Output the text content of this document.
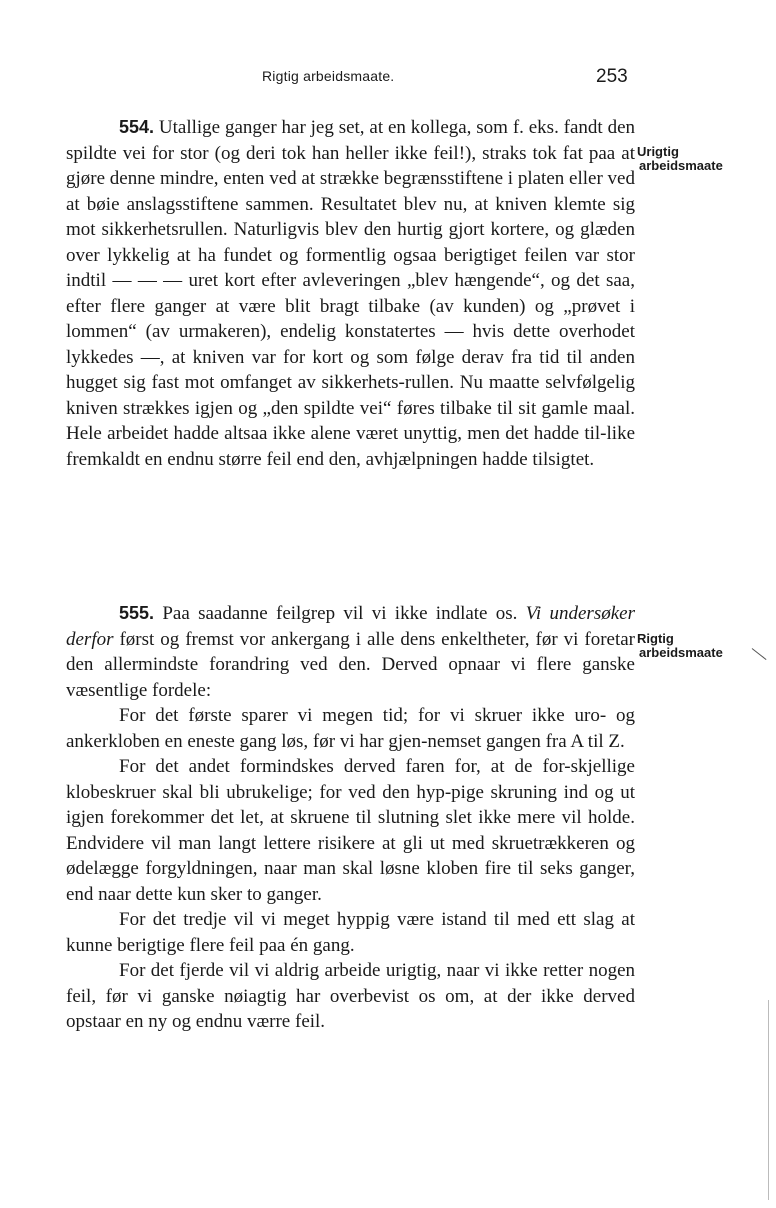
Rigtig arbeidsmaate.	253

554. Utallige ganger har jeg set, at en kollega, som f. eks. fandt den spildte vei for stor (og deri tok han heller ikke feil!), straks tok fat paa at gjøre denne mindre, enten ved at strække begrænsstiftene i platen eller ved at bøie anslagsstiftene sammen. Resultatet blev nu, at kniven klemte sig mot sikkerhetsrullen. Naturligvis blev den hurtig gjort kortere, og glæden over lykkelig at ha fundet og formentlig ogsaa berigtiget feilen var stor indtil — — — uret kort efter avleveringen „blev hængende“, og det saa, efter flere ganger at være blit bragt tilbake (av kunden) og „prøvet i lommen“ (av urmakeren), endelig konstatertes — hvis dette overhodet lykkedes —, at kniven var for kort og som følge derav fra tid til anden hugget sig fast mot omfanget av sikkerhets-rullen. Nu maatte selvfølgelig kniven strækkes igjen og „den spildte vei“ føres tilbake til sit gamle maal. Hele arbeidet hadde altsaa ikke alene været unyttig, men det hadde til-like fremkaldt en endnu større feil end den, avhjælpningen hadde tilsigtet.

Urigtig
arbeidsmaate

555. Paa saadanne feilgrep vil vi ikke indlate os. Vi undersøker derfor først og fremst vor ankergang i alle dens enkeltheter, før vi foretar den allermindste forandring ved den. Derved opnaar vi flere ganske væsentlige fordele:

For det første sparer vi megen tid; for vi skruer ikke uro- og ankerkloben en eneste gang løs, før vi har gjen-nemset gangen fra A til Z.

For det andet formindskes derved faren for, at de for-skjellige klobeskruer skal bli ubrukelige; for ved den hyp-pige skruning ind og ut igjen forekommer det let, at skruene til slutning slet ikke mere vil holde. Endvidere vil man langt lettere risikere at gli ut med skruetrækkeren og ødelægge forgyldningen, naar man skal løsne kloben fire til seks ganger, end naar dette kun sker to ganger.

For det tredje vil vi meget hyppig være istand til med ett slag at kunne berigtige flere feil paa én gang.

For det fjerde vil vi aldrig arbeide urigtig, naar vi ikke retter nogen feil, før vi ganske nøiagtig har overbevist os om, at der ikke derved opstaar en ny og endnu værre feil.

Rigtig
arbeidsmaate
